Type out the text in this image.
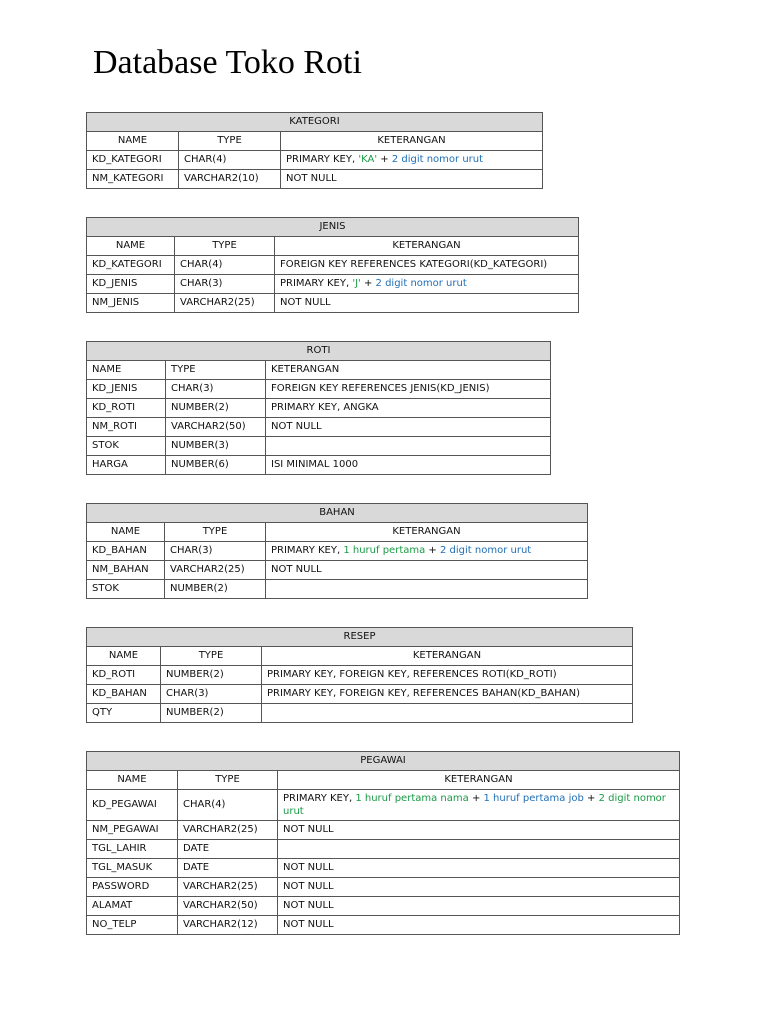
Database Toko Roti
KATEGORI		
NAME	TYPE	KETERANGAN
KD_KATEGORI	CHAR(4)	PRIMARY KEY, 'KA' + 2 digit nomor urut
NM_KATEGORI	VARCHAR2(10)	NOT NULL
JENIS		
NAME	TYPE	KETERANGAN
KD_KATEGORI	CHAR(4)	FOREIGN KEY REFERENCES KATEGORI(KD_KATEGORI)
KD_JENIS	CHAR(3)	PRIMARY KEY, 'J' + 2 digit nomor urut
NM_JENIS	VARCHAR2(25)	NOT NULL
ROTI		
NAME	TYPE	KETERANGAN
KD_JENIS	CHAR(3)	FOREIGN KEY REFERENCES JENIS(KD_JENIS)
KD_ROTI	NUMBER(2)	PRIMARY KEY, ANGKA
NM_ROTI	VARCHAR2(50)	NOT NULL
STOK	NUMBER(3)	
HARGA	NUMBER(6)	ISI MINIMAL 1000
BAHAN		
NAME	TYPE	KETERANGAN
KD_BAHAN	CHAR(3)	PRIMARY KEY, 1 huruf pertama + 2 digit nomor urut
NM_BAHAN	VARCHAR2(25)	NOT NULL
STOK	NUMBER(2)	
RESEP		
NAME	TYPE	KETERANGAN
KD_ROTI	NUMBER(2)	PRIMARY KEY, FOREIGN KEY, REFERENCES ROTI(KD_ROTI)
KD_BAHAN	CHAR(3)	PRIMARY KEY, FOREIGN KEY, REFERENCES BAHAN(KD_BAHAN)
QTY	NUMBER(2)	
PEGAWAI		
NAME	TYPE	KETERANGAN
KD_PEGAWAI	CHAR(4)	PRIMARY KEY, 1 huruf pertama nama + 1 huruf pertama job + 2 digit nomor urut
NM_PEGAWAI	VARCHAR2(25)	NOT NULL
TGL_LAHIR	DATE	
TGL_MASUK	DATE	NOT NULL
PASSWORD	VARCHAR2(25)	NOT NULL
ALAMAT	VARCHAR2(50)	NOT NULL
NO_TELP	VARCHAR2(12)	NOT NULL
